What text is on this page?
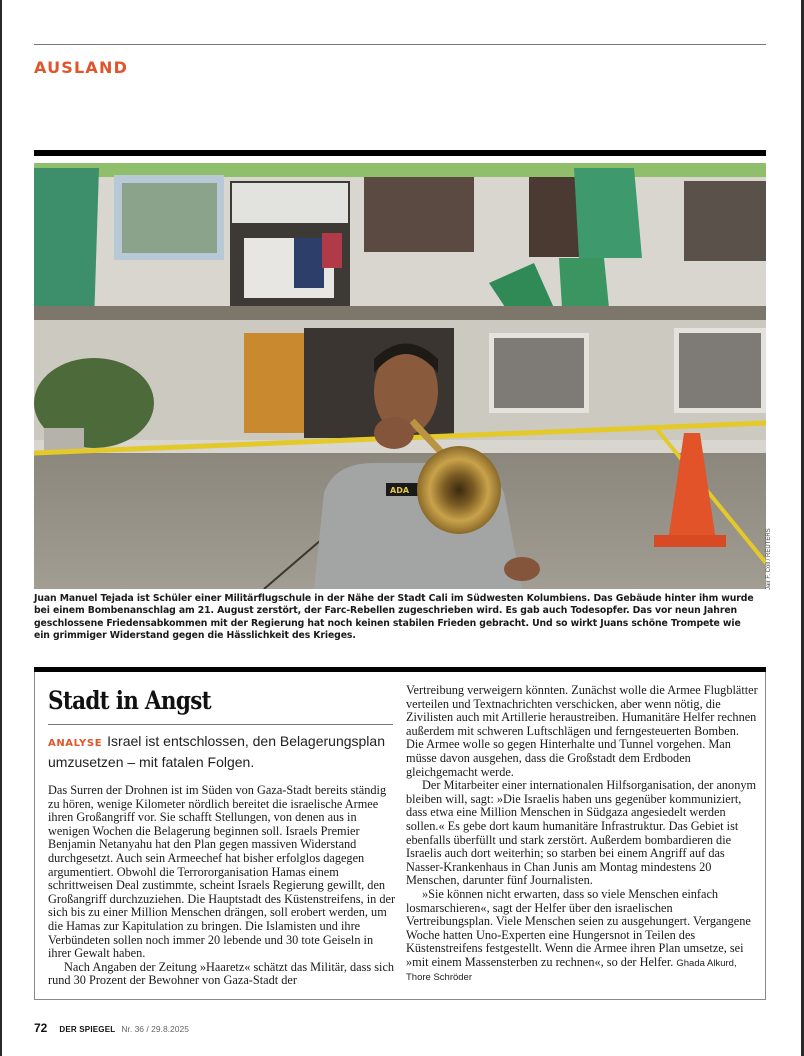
AUSLAND
ADA
Jair F. Coll / REUTERS
Juan Manuel Tejada ist Schüler einer Militärflugschule in der Nähe der Stadt Cali im Südwesten Kolumbiens. Das Gebäude hinter ihm wurde bei einem Bombenanschlag am 21. August zerstört, der Farc-Rebellen zugeschrieben wird. Es gab auch Todesopfer. Das vor neun Jahren geschlossene Friedensabkommen mit der Regierung hat noch keinen stabilen Frieden gebracht. Und so wirkt Juans schöne Trompete wie ein grimmiger Widerstand gegen die Hässlichkeit des Krieges.
Stadt in Angst
ANALYSE Israel ist entschlossen, den Belagerungsplan umzusetzen – mit fatalen Folgen.

Das Surren der Drohnen ist im Süden von Gaza-Stadt bereits ständig zu hören, wenige Kilometer nördlich bereitet die israelische Armee ihren Großangriff vor. Sie schafft Stellungen, von denen aus in wenigen Wochen die Belagerung beginnen soll. Israels Premier Benjamin Netanyahu hat den Plan gegen massiven Widerstand durchgesetzt. Auch sein Armeechef hat bisher erfolglos dagegen argumentiert. Obwohl die Terrororganisation Hamas einem schrittweisen Deal zustimmte, scheint Israels Regierung gewillt, den Großangriff durchzuziehen. Die Hauptstadt des Küstenstreifens, in der sich bis zu einer Million Menschen drängen, soll erobert werden, um die Hamas zur Kapitulation zu bringen. Die Islamisten und ihre Verbündeten sollen noch immer 20 lebende und 30 tote Geiseln in ihrer Gewalt haben.

Nach Angaben der Zeitung »Haaretz« schätzt das Militär, dass sich rund 30 Prozent der Bewohner von Gaza-Stadt der

Vertreibung verweigern könnten. Zunächst wolle die Armee Flugblätter verteilen und Textnachrichten verschicken, aber wenn nötig, die Zivilisten auch mit Artillerie heraustreiben. Humanitäre Helfer rechnen außerdem mit schweren Luftschlägen und ferngesteuerten Bomben. Die Armee wolle so gegen Hinterhalte und Tunnel vorgehen. Man müsse davon ausgehen, dass die Großstadt dem Erdboden gleichgemacht werde.

Der Mitarbeiter einer internationalen Hilfsorganisation, der anonym bleiben will, sagt: »Die Israelis haben uns gegenüber kommuniziert, dass etwa eine Million Menschen in Südgaza angesiedelt werden sollen.« Es gebe dort kaum humanitäre Infrastruktur. Das Gebiet ist ebenfalls überfüllt und stark zerstört. Außerdem bombardieren die Israelis auch dort weiterhin; so starben bei einem Angriff auf das Nasser-Krankenhaus in Chan Junis am Montag mindestens 20 Menschen, darunter fünf Journalisten.

»Sie können nicht erwarten, dass so viele Menschen einfach losmarschieren«, sagt der Helfer über den israelischen Vertreibungsplan. Viele Menschen seien zu ausgehungert. Vergangene Woche hatten Uno-Experten eine Hungersnot in Teilen des Küstenstreifens festgestellt. Wenn die Armee ihren Plan umsetze, sei »mit einem Massensterben zu rechnen«, so der Helfer. Ghada Alkurd, Thore Schröder

72 DER SPIEGEL Nr. 36 / 29.8.2025
